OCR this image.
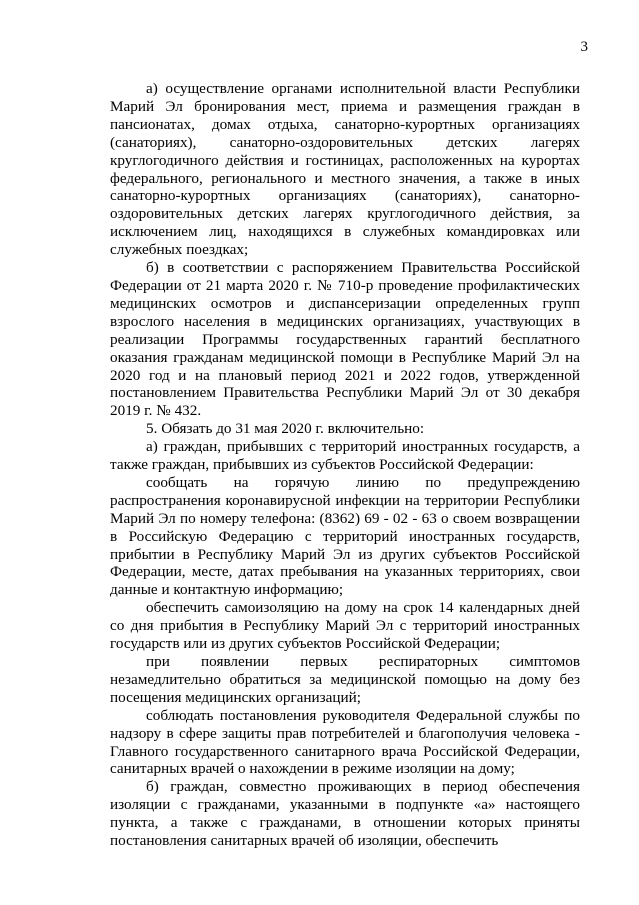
3

а) осуществление органами исполнительной власти Республики Марий Эл бронирования мест, приема и размещения граждан в пансионатах, домах отдыха, санаторно-курортных организациях (санаториях), санаторно-оздоровительных детских лагерях круглогодичного действия и гостиницах, расположенных на курортах федерального, регионального и местного значения, а также в иных санаторно-курортных организациях (санаториях), санаторно-оздоровительных детских лагерях круглогодичного действия, за исключением лиц, находящихся в служебных командировках или служебных поездках;

б) в соответствии с распоряжением Правительства Российской Федерации от 21 марта 2020 г. № 710-р проведение профилактических медицинских осмотров и диспансеризации определенных групп взрослого населения в медицинских организациях, участвующих в реализации Программы государственных гарантий бесплатного оказания гражданам медицинской помощи в Республике Марий Эл на 2020 год и на плановый период 2021 и 2022 годов, утвержденной постановлением Правительства Республики Марий Эл от 30 декабря 2019 г. № 432.

5. Обязать до 31 мая 2020 г. включительно:

а) граждан, прибывших с территорий иностранных государств, а также граждан, прибывших из субъектов Российской Федерации:

сообщать на горячую линию по предупреждению распространения коронавирусной инфекции на территории Республики Марий Эл по номеру телефона: (8362) 69 - 02 - 63 о своем возвращении в Российскую Федерацию с территорий иностранных государств, прибытии в Республику Марий Эл из других субъектов Российской Федерации, месте, датах пребывания на указанных территориях, свои данные и контактную информацию;

обеспечить самоизоляцию на дому на срок 14 календарных дней со дня прибытия в Республику Марий Эл с территорий иностранных государств или из других субъектов Российской Федерации;

при появлении первых респираторных симптомов незамедлительно обратиться за медицинской помощью на дому без посещения медицинских организаций;

соблюдать постановления руководителя Федеральной службы по надзору в сфере защиты прав потребителей и благополучия человека - Главного государственного санитарного врача Российской Федерации, санитарных врачей о нахождении в режиме изоляции на дому;

б) граждан, совместно проживающих в период обеспечения изоляции с гражданами, указанными в подпункте «а» настоящего пункта, а также с гражданами, в отношении которых приняты постановления санитарных врачей об изоляции, обеспечить
